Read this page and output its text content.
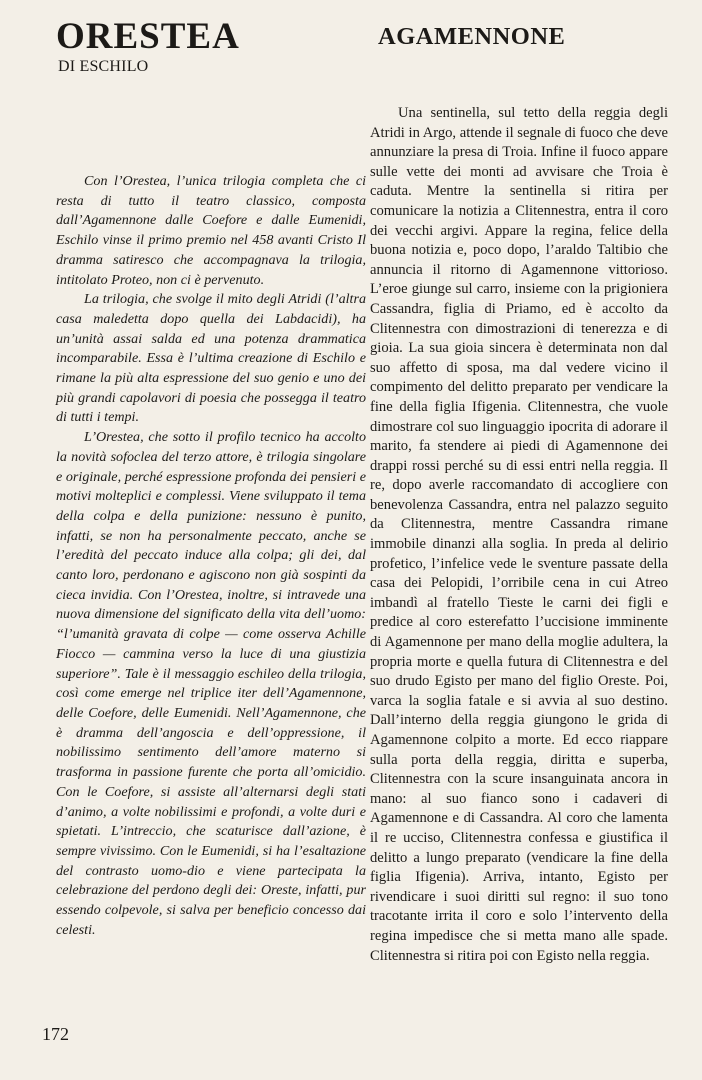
ORESTEA
DI ESCHILO

Con l’Orestea, l’unica trilogia completa che ci resta di tutto il teatro classico, composta dall’Agamennone dalle Coefore e dalle Eumenidi, Eschilo vinse il primo premio nel 458 avanti Cristo Il dramma satiresco che accompagnava la trilogia, intitolato Proteo, non ci è pervenuto.

La trilogia, che svolge il mito degli Atridi (l’altra casa maledetta dopo quella dei Labdacidi), ha un’unità assai salda ed una potenza drammatica incomparabile. Essa è l’ultima creazione di Eschilo e rimane la più alta espressione del suo genio e uno dei più grandi capolavori di poesia che possegga il teatro di tutti i tempi.

L’Orestea, che sotto il profilo tecnico ha accolto la novità sofoclea del terzo attore, è trilogia singolare e originale, perché espressione profonda dei pensieri e motivi molteplici e complessi. Viene sviluppato il tema della colpa e della punizione: nessuno è punito, infatti, se non ha personalmente peccato, anche se l’eredità del peccato induce alla colpa; gli dei, dal canto loro, perdonano e agiscono non già sospinti da cieca invidia. Con l’Orestea, inoltre, si intravede una nuova dimensione del significato della vita dell’uomo: “l’umanità gravata di colpe — come osserva Achille Fiocco — cammina verso la luce di una giustizia superiore”. Tale è il messaggio eschileo della trilogia, così come emerge nel triplice iter dell’Agamennone, delle Coefore, delle Eumenidi. Nell’Agamennone, che è dramma dell’angoscia e dell’oppressione, il nobilissimo sentimento dell’amore materno si trasforma in passione furente che porta all’omicidio. Con le Coefore, si assiste all’alternarsi degli stati d’animo, a volte nobilissimi e profondi, a volte duri e spietati. L’intreccio, che scaturisce dall’azione, è sempre vivissimo. Con le Eumenidi, si ha l’esaltazione del contrasto uomo-dio e viene partecipata la celebrazione del perdono degli dei: Oreste, infatti, pur essendo colpevole, si salva per beneficio concesso dai celesti.

AGAMENNONE

Una sentinella, sul tetto della reggia degli Atridi in Argo, attende il segnale di fuoco che deve annunziare la presa di Troia. Infine il fuoco appare sulle vette dei monti ad avvisare che Troia è caduta. Mentre la sentinella si ritira per comunicare la notizia a Clitennestra, entra il coro dei vecchi argivi. Appare la regina, felice della buona notizia e, poco dopo, l’araldo Taltibio che annuncia il ritorno di Agamennone vittorioso. L’eroe giunge sul carro, insieme con la prigioniera Cassandra, figlia di Priamo, ed è accolto da Clitennestra con dimostrazioni di tenerezza e di gioia. La sua gioia sincera è determinata non dal suo affetto di sposa, ma dal vedere vicino il compimento del delitto preparato per vendicare la fine della figlia Ifigenia. Clitennestra, che vuole dimostrare col suo linguaggio ipocrita di adorare il marito, fa stendere ai piedi di Agamennone dei drappi rossi perché su di essi entri nella reggia. Il re, dopo averle raccomandato di accogliere con benevolenza Cassandra, entra nel palazzo seguito da Clitennestra, mentre Cassandra rimane immobile dinanzi alla soglia. In preda al delirio profetico, l’infelice vede le sventure passate della casa dei Pelopidi, l’orribile cena in cui Atreo imbandì al fratello Tieste le carni dei figli e predice al coro esterefatto l’uccisione imminente di Agamennone per mano della moglie adultera, la propria morte e quella futura di Clitennestra e del suo drudo Egisto per mano del figlio Oreste. Poi, varca la soglia fatale e si avvia al suo destino. Dall’interno della reggia giungono le grida di Agamennone colpito a morte. Ed ecco riappare sulla porta della reggia, diritta e superba, Clitennestra con la scure insanguinata ancora in mano: al suo fianco sono i cadaveri di Agamennone e di Cassandra. Al coro che lamenta il re ucciso, Clitennestra confessa e giustifica il delitto a lungo preparato (vendicare la fine della figlia Ifigenia). Arriva, intanto, Egisto per rivendicare i suoi diritti sul regno: il suo tono tracotante irrita il coro e solo l’intervento della regina impedisce che si metta mano alle spade. Clitennestra si ritira poi con Egisto nella reggia.

172
